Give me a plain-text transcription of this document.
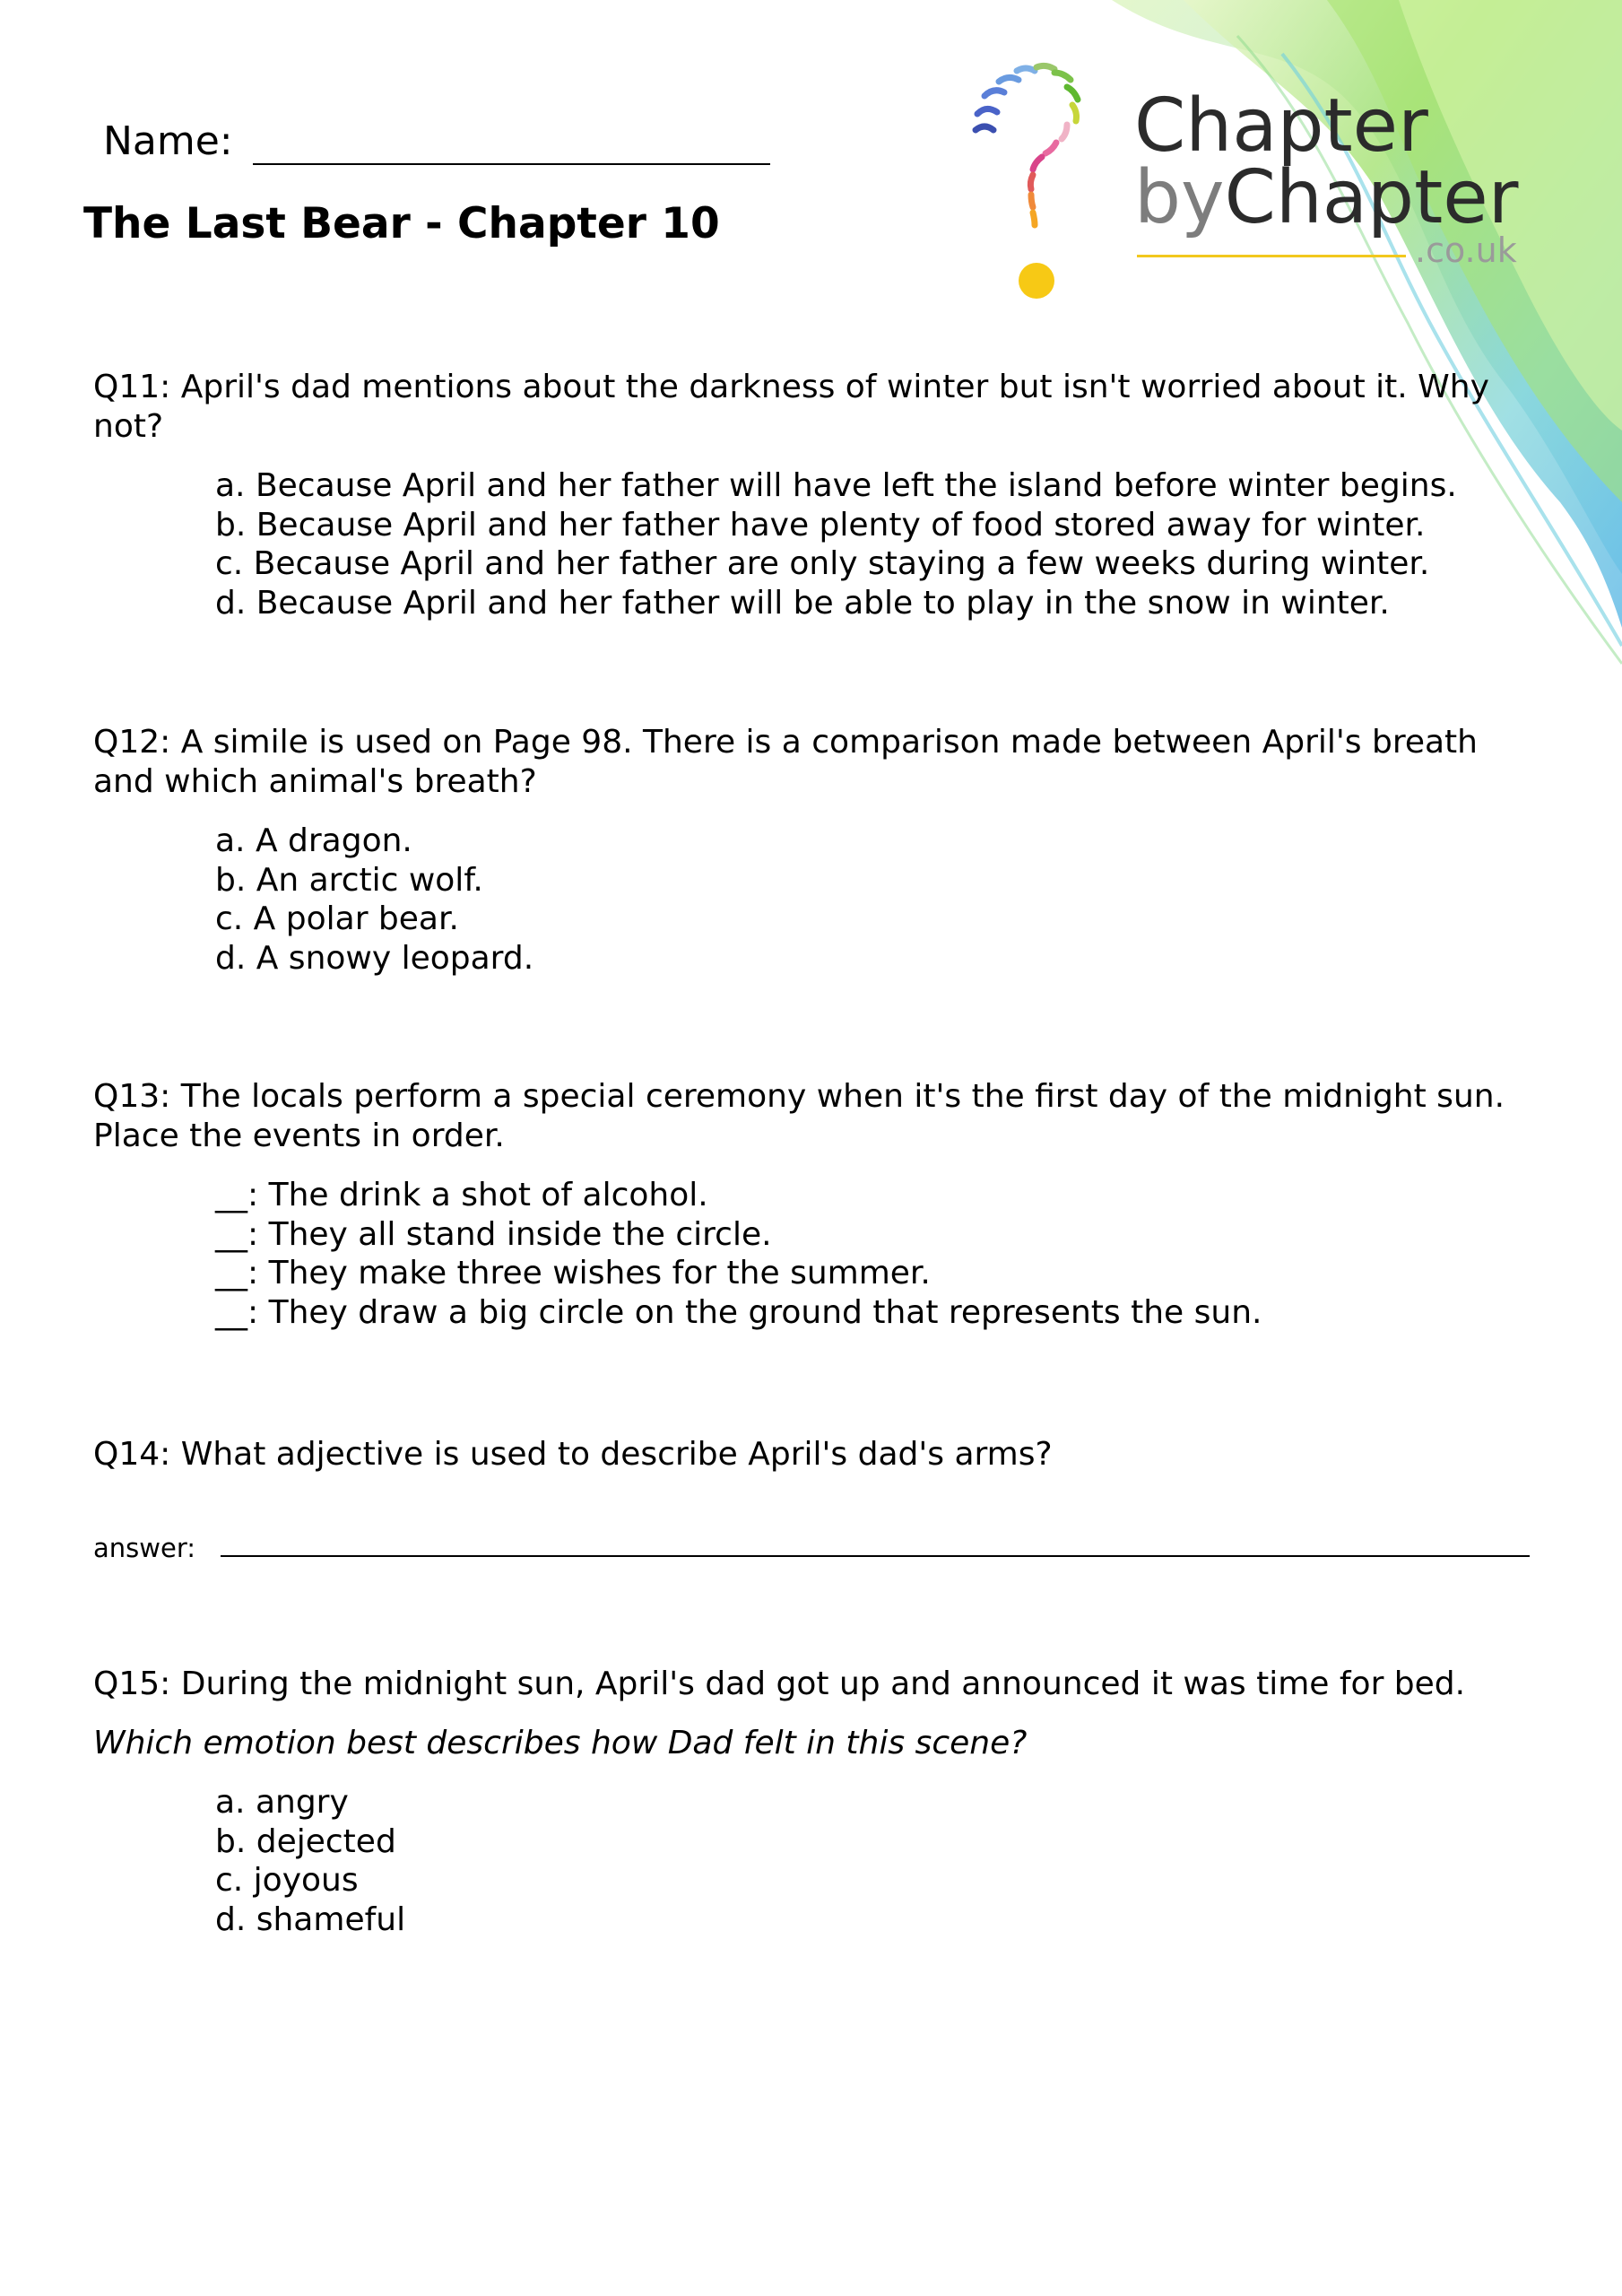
Chapter
byChapter
.co.uk
Name:
The Last Bear - Chapter 10

Q11: April's dad mentions about the darkness of winter but isn't worried about it. Why not?

a. Because April and her father will have left the island before winter begins.
b. Because April and her father have plenty of food stored away for winter.
c. Because April and her father are only staying a few weeks during winter.
d. Because April and her father will be able to play in the snow in winter.

Q12: A simile is used on Page 98. There is a comparison made between April's breath and which animal's breath?

a. A dragon.
b. An arctic wolf.
c. A polar bear.
d. A snowy leopard.

Q13: The locals perform a special ceremony when it's the first day of the midnight sun. Place the events in order.

__: The drink a shot of alcohol.
__: They all stand inside the circle.
__: They make three wishes for the summer.
__: They draw a big circle on the ground that represents the sun.

Q14: What adjective is used to describe April's dad's arms?

answer:

Q15: During the midnight sun, April's dad got up and announced it was time for bed.

Which emotion best describes how Dad felt in this scene?

a. angry
b. dejected
c. joyous
d. shameful
